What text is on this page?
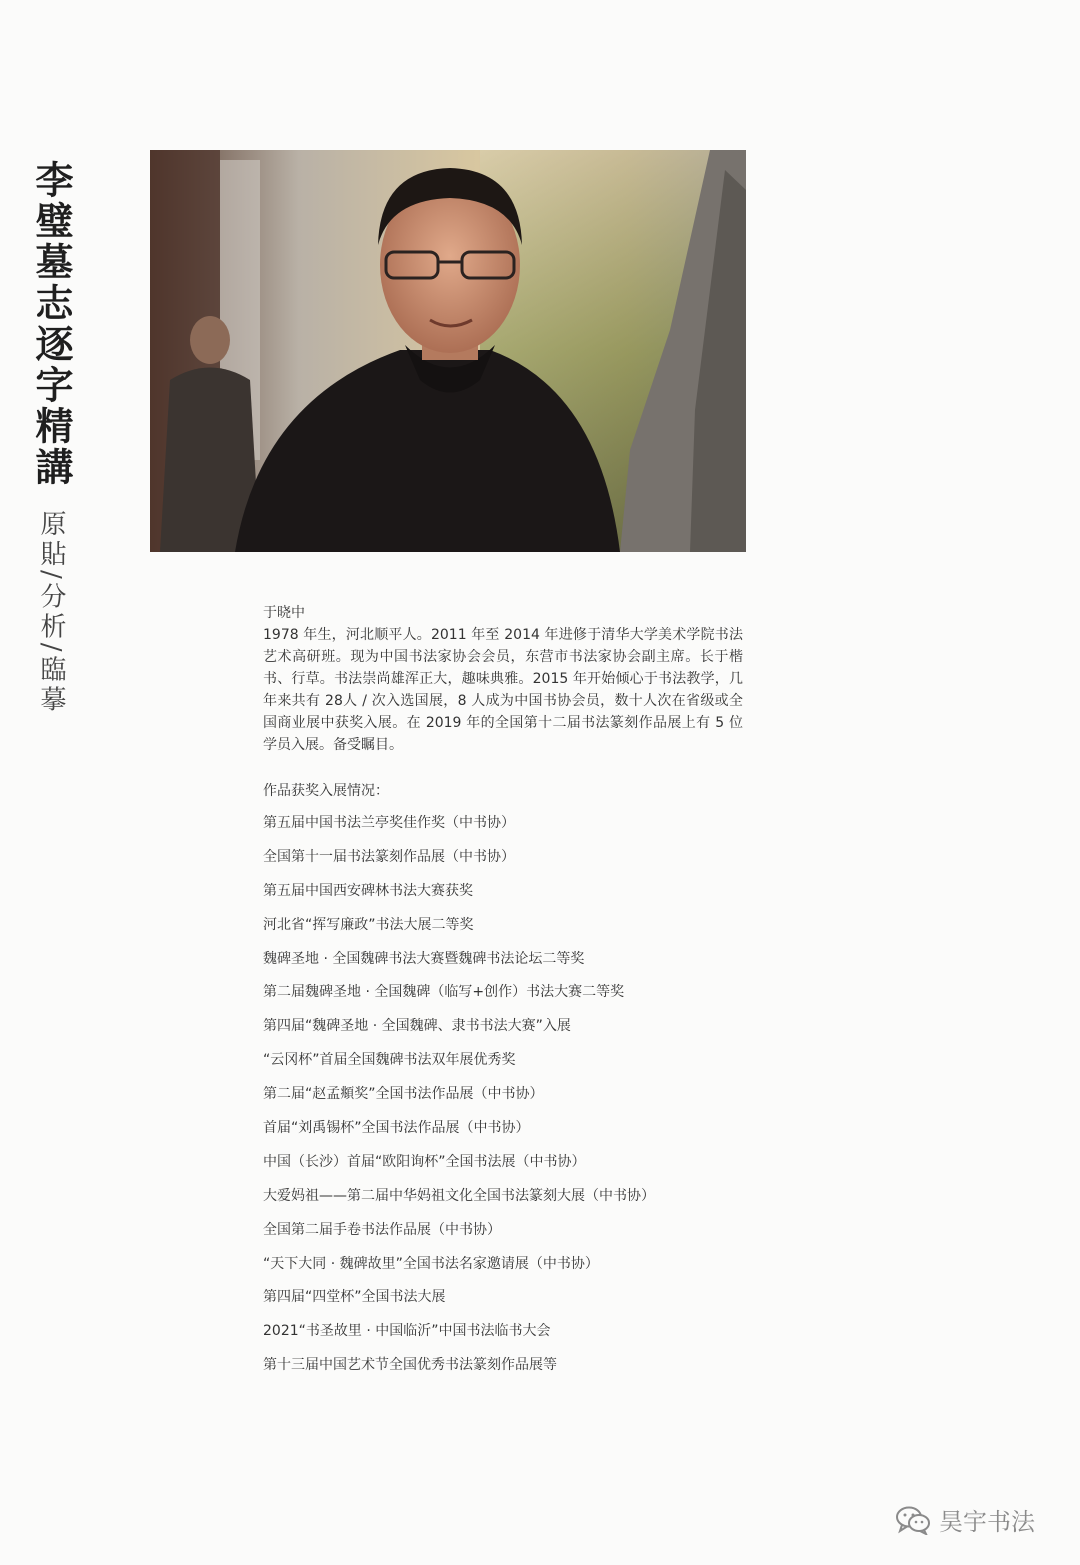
李璧墓志逐字精講
原貼/分析/臨摹	于晓中

1978 年生，河北顺平人。2011 年至 2014 年进修于清华大学美术学院书法艺术高研班。现为中国书法家协会会员，东营市书法家协会副主席。长于楷书、行草。书法崇尚雄浑正大，趣味典雅。2015 年开始倾心于书法教学，几年来共有 28人 / 次入选国展，8 人成为中国书协会员，数十人次在省级或全国商业展中获奖入展。在 2019 年的全国第十二届书法篆刻作品展上有 5 位学员入展。备受瞩目。

作品获奖入展情况：
第五届中国书法兰亭奖佳作奖（中书协）
全国第十一届书法篆刻作品展（中书协）
第五届中国西安碑林书法大赛获奖
河北省“挥写廉政”书法大展二等奖
魏碑圣地 · 全国魏碑书法大赛暨魏碑书法论坛二等奖
第二届魏碑圣地 · 全国魏碑（临写+创作）书法大赛二等奖
第四届“魏碑圣地 · 全国魏碑、隶书书法大赛”入展
“云冈杯”首届全国魏碑书法双年展优秀奖
第二届“赵孟頫奖”全国书法作品展（中书协）
首届“刘禹锡杯”全国书法作品展（中书协）
中国（长沙）首届“欧阳询杯”全国书法展（中书协）
大爱妈祖——第二届中华妈祖文化全国书法篆刻大展（中书协）
全国第二届手卷书法作品展（中书协）
“天下大同 · 魏碑故里”全国书法名家邀请展（中书协）
第四届“四堂杯”全国书法大展
2021“书圣故里 · 中国临沂”中国书法临书大会
第十三届中国艺术节全国优秀书法篆刻作品展等
昊宇书法
